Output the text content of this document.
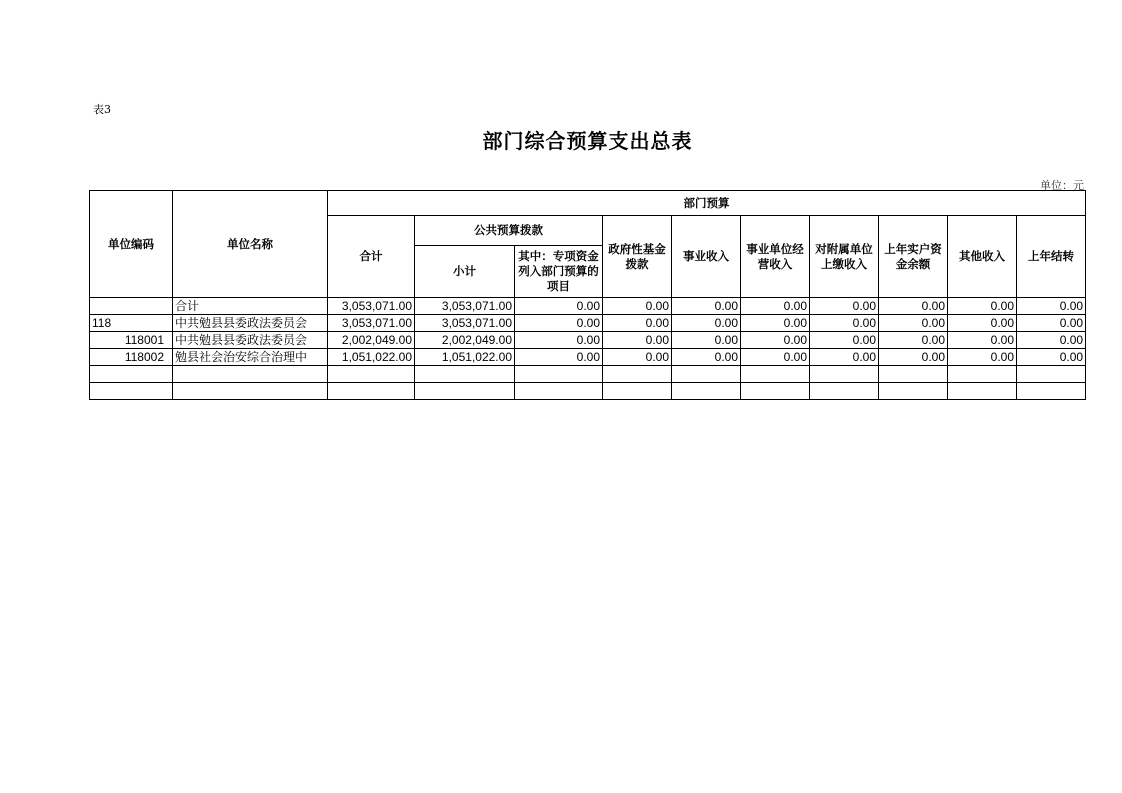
表3
部门综合预算支出总表
单位：元
单位编码	单位名称	部门预算									
		合计	公共预算拨款		政府性基金拨款	事业收入	事业单位经营收入	对附属单位上缴收入	上年实户资金余额	其他收入	上年结转
			小计	其中：专项资金列入部门预算的项目							
	合计	3,053,071.00	3,053,071.00	0.00	0.00	0.00	0.00	0.00	0.00	0.00	0.00
118	中共勉县县委政法委员会	3,053,071.00	3,053,071.00	0.00	0.00	0.00	0.00	0.00	0.00	0.00	0.00
118001	中共勉县县委政法委员会	2,002,049.00	2,002,049.00	0.00	0.00	0.00	0.00	0.00	0.00	0.00	0.00
118002	勉县社会治安综合治理中	1,051,022.00	1,051,022.00	0.00	0.00	0.00	0.00	0.00	0.00	0.00	0.00
